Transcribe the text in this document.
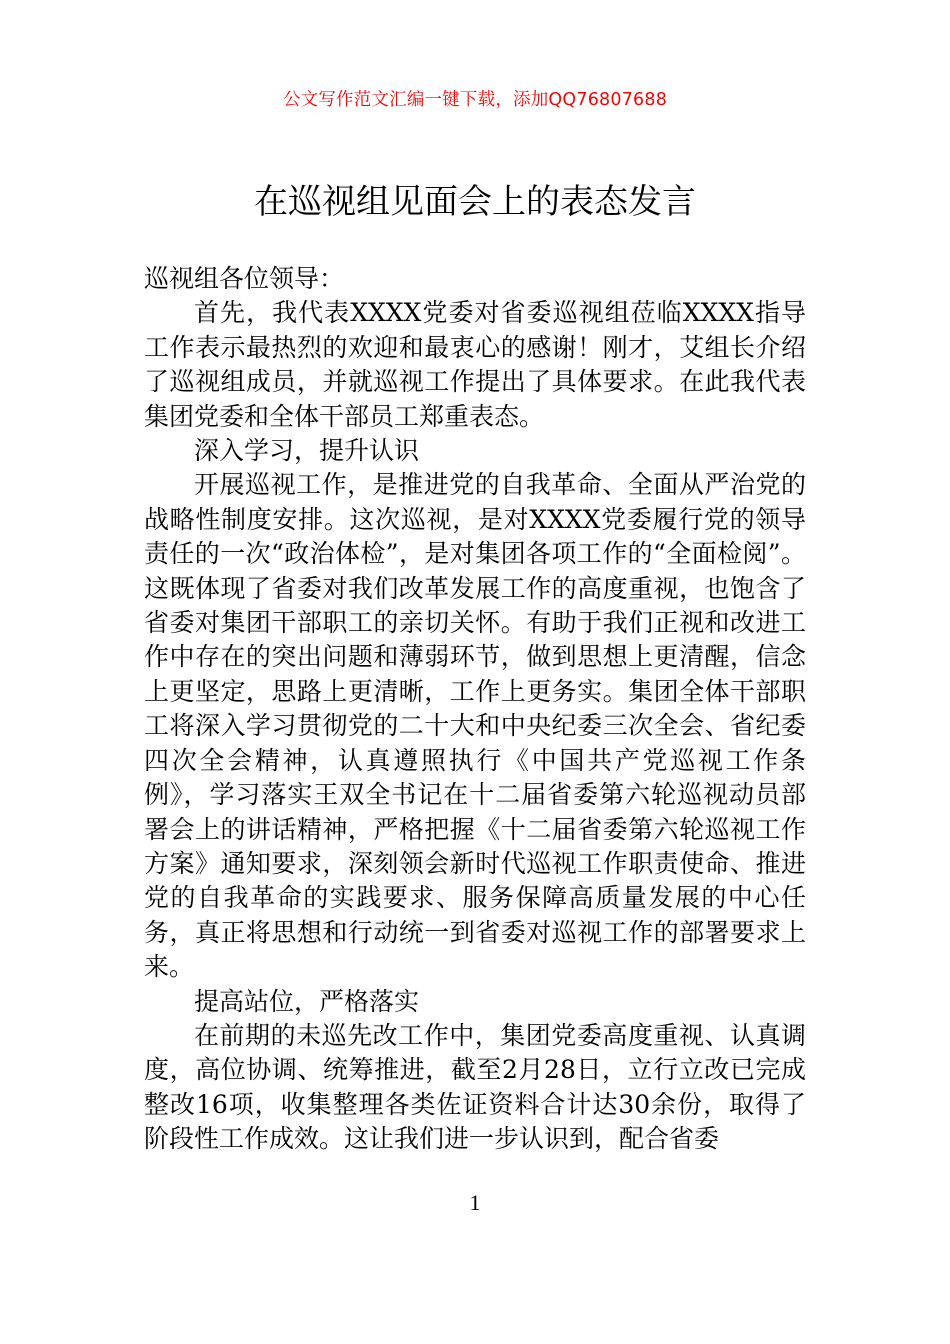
公文写作范文汇编一键下载，添加QQ76807688
在巡视组见面会上的表态发言

巡视组各位领导：

首先，我代表XXXX党委对省委巡视组莅临XXXX指导工作表示最热烈的欢迎和最衷心的感谢！刚才，艾组长介绍了巡视组成员，并就巡视工作提出了具体要求。在此我代表集团党委和全体干部员工郑重表态。

深入学习，提升认识

开展巡视工作，是推进党的自我革命、全面从严治党的战略性制度安排。这次巡视，是对XXXX党委履行党的领导责任的一次“政治体检”，是对集团各项工作的“全面检阅”。这既体现了省委对我们改革发展工作的高度重视，也饱含了省委对集团干部职工的亲切关怀。有助于我们正视和改进工作中存在的突出问题和薄弱环节，做到思想上更清醒，信念上更坚定，思路上更清晰，工作上更务实。集团全体干部职工将深入学习贯彻党的二十大和中央纪委三次全会、省纪委四次全会精神，认真遵照执行《中国共产党巡视工作条例》，学习落实王双全书记在十二届省委第六轮巡视动员部署会上的讲话精神，严格把握《十二届省委第六轮巡视工作方案》通知要求，深刻领会新时代巡视工作职责使命、推进党的自我革命的实践要求、服务保障高质量发展的中心任务，真正将思想和行动统一到省委对巡视工作的部署要求上来。

提高站位，严格落实

在前期的未巡先改工作中，集团党委高度重视、认真调度，高位协调、统筹推进，截至2月28日，立行立改已完成整改16项，收集整理各类佐证资料合计达30余份，取得了阶段性工作成效。这让我们进一步认识到，配合省委

1
